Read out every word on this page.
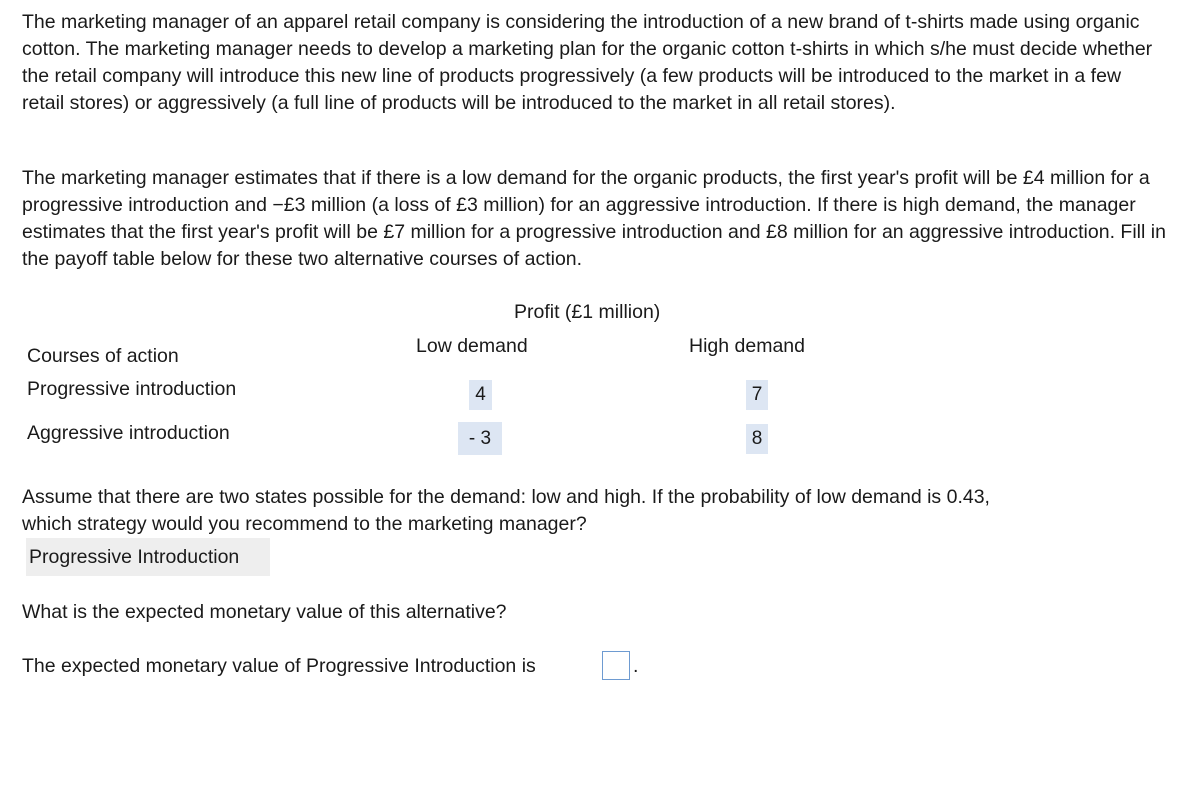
The marketing manager of an apparel retail company is considering the introduction of a new brand of t-shirts made using organic cotton. The marketing manager needs to develop a marketing plan for the organic cotton t-shirts in which s/he must decide whether the retail company will introduce this new line of products progressively (a few products will be introduced to the market in a few retail stores) or aggressively (a full line of products will be introduced to the market in all retail stores).

The marketing manager estimates that if there is a low demand for the organic products, the first year's profit will be £4 million for a progressive introduction and −£3 million (a loss of £3 million) for an aggressive introduction. If there is high demand, the manager estimates that the first year's profit will be £7 million for a progressive introduction and £8 million for an aggressive introduction. Fill in the payoff table below for these two alternative courses of action.

Profit (£1 million)
Low demand	High demand
Courses of action
Progressive introduction	4	7
Aggressive introduction	- 3	8
Assume that there are two states possible for the demand: low and high. If the probability of low demand is 0.43,
which strategy would you recommend to the marketing manager?
Progressive Introduction
What is the expected monetary value of this alternative?
The expected monetary value of Progressive Introduction is	.
